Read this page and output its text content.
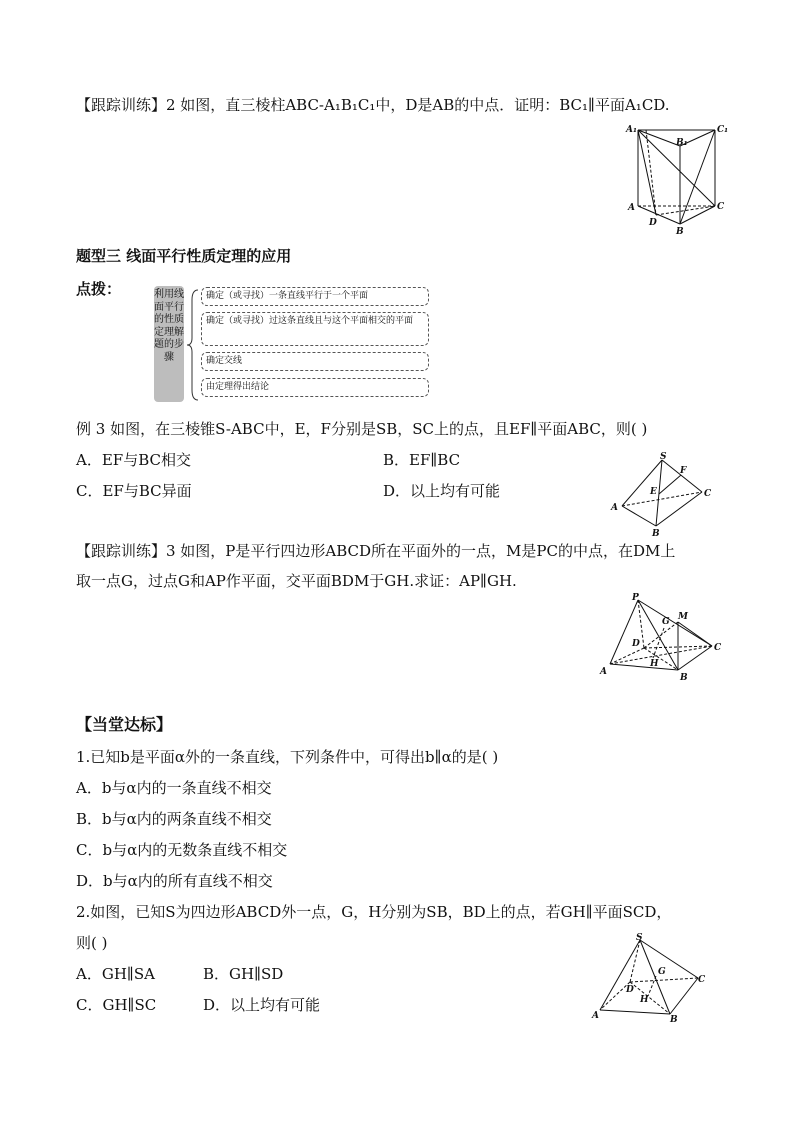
【跟踪训练】2 如图，直三棱柱ABC-A₁B₁C₁中，D是AB的中点．证明：BC₁∥平面A₁CD.
A₁
B₁
C₁
A
D
B
C
题型三 线面平行性质定理的应用
点拨：	利 用 线
面 平 行
的 性 质
定 理 解
题 的 步
骤
确定（或寻找）一条直线平行于一个平面
确定（或寻找）过这条直线且与这个平面相交的平面
确定交线
由定理得出结论
例 3 如图，在三棱锥S-ABC中，E，F分别是SB，SC上的点，且EF∥平面ABC，则( )
A．EF与BC相交	B．EF∥BC
C．EF与BC异面	D．以上均有可能
S
F
E
A
B
C
【跟踪训练】3 如图，P是平行四边形ABCD所在平面外的一点，M是PC的中点，在DM上
取一点G，过点G和AP作平面，交平面BDM于GH.求证：AP∥GH.
P
G M
D
H
C
A
B
【当堂达标】
1.已知b是平面α外的一条直线，下列条件中，可得出b∥α的是( )
A．b与α内的一条直线不相交
B．b与α内的两条直线不相交
C．b与α内的无数条直线不相交
D．b与α内的所有直线不相交
2.如图，已知S为四边形ABCD外一点，G，H分别为SB，BD上的点，若GH∥平面SCD，
则( )
A．GH∥SA	B．GH∥SD
C．GH∥SC	D．以上均有可能
S
G
D
H
C
A	B
